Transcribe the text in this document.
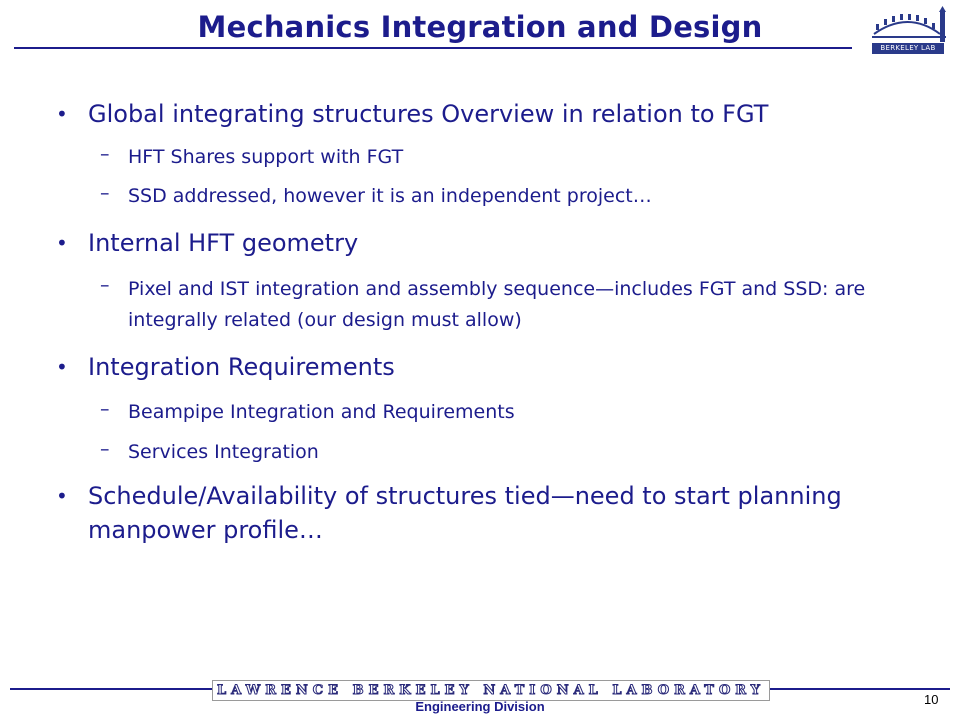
Mechanics Integration and Design
BERKELEY LAB
• Global integrating structures Overview in relation to FGT

– HFT Shares support with FGT

– SSD addressed, however it is an independent project…

• Internal HFT geometry

– Pixel and IST integration and assembly sequence—includes FGT and SSD: are integrally related (our design must allow)

• Integration Requirements

– Beampipe Integration and Requirements

– Services Integration

• Schedule/Availability of structures tied—need to start planning manpower profile…

LAWRENCE BERKELEY NATIONAL LABORATORY
Engineering Division	10
